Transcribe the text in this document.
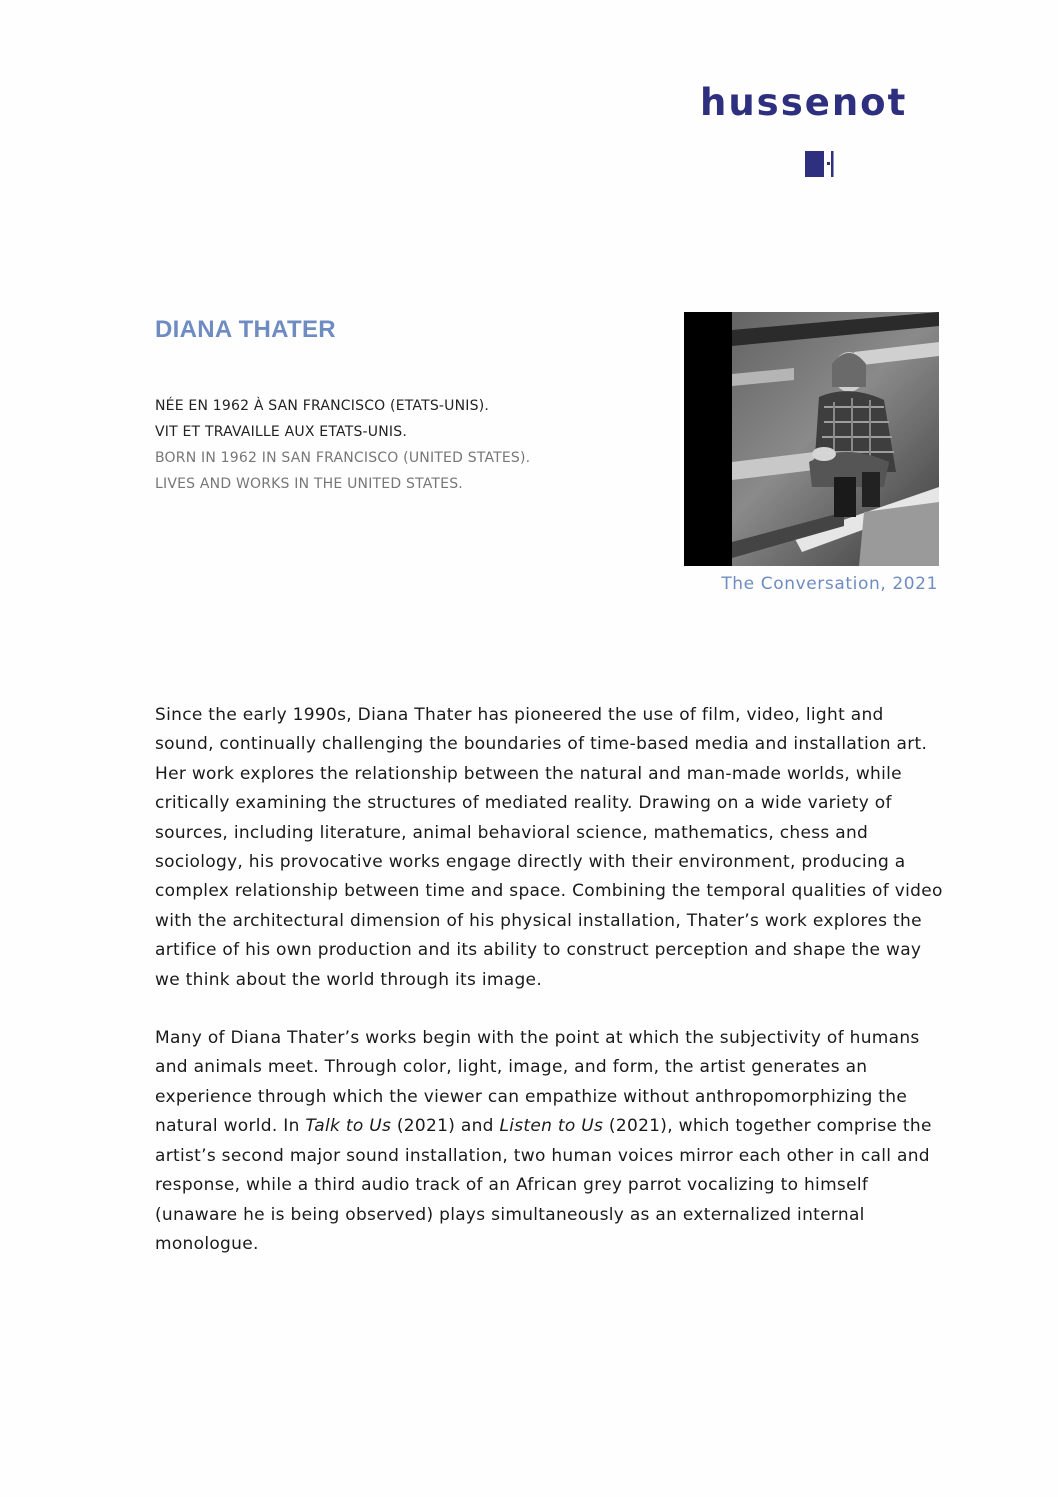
hussenot
DIANA THATER
NÉE EN 1962 À SAN FRANCISCO (ETATS-UNIS).
VIT ET TRAVAILLE AUX ETATS-UNIS.
BORN IN 1962 IN SAN FRANCISCO (UNITED STATES).
LIVES AND WORKS IN THE UNITED STATES.
The Conversation, 2021

Since the early 1990s, Diana Thater has pioneered the use of film, video, light and sound, continually challenging the boundaries of time-based media and installation art. Her work explores the relationship between the natural and man-made worlds, while critically examining the structures of mediated reality. Drawing on a wide variety of sources, including literature, animal behavioral science, mathematics, chess and sociology, his provocative works engage directly with their environment, producing a complex relationship between time and space. Combining the temporal qualities of video with the architectural dimension of his physical installation, Thater’s work explores the artifice of his own production and its ability to construct perception and shape the way we think about the world through its image.

Many of Diana Thater’s works begin with the point at which the subjectivity of humans and animals meet. Through color, light, image, and form, the artist generates an experience through which the viewer can empathize without anthropomorphizing the natural world. In Talk to Us (2021) and Listen to Us (2021), which together comprise the artist’s second major sound installation, two human voices mirror each other in call and response, while a third audio track of an African grey parrot vocalizing to himself (unaware he is being observed) plays simultaneously as an externalized internal monologue.
